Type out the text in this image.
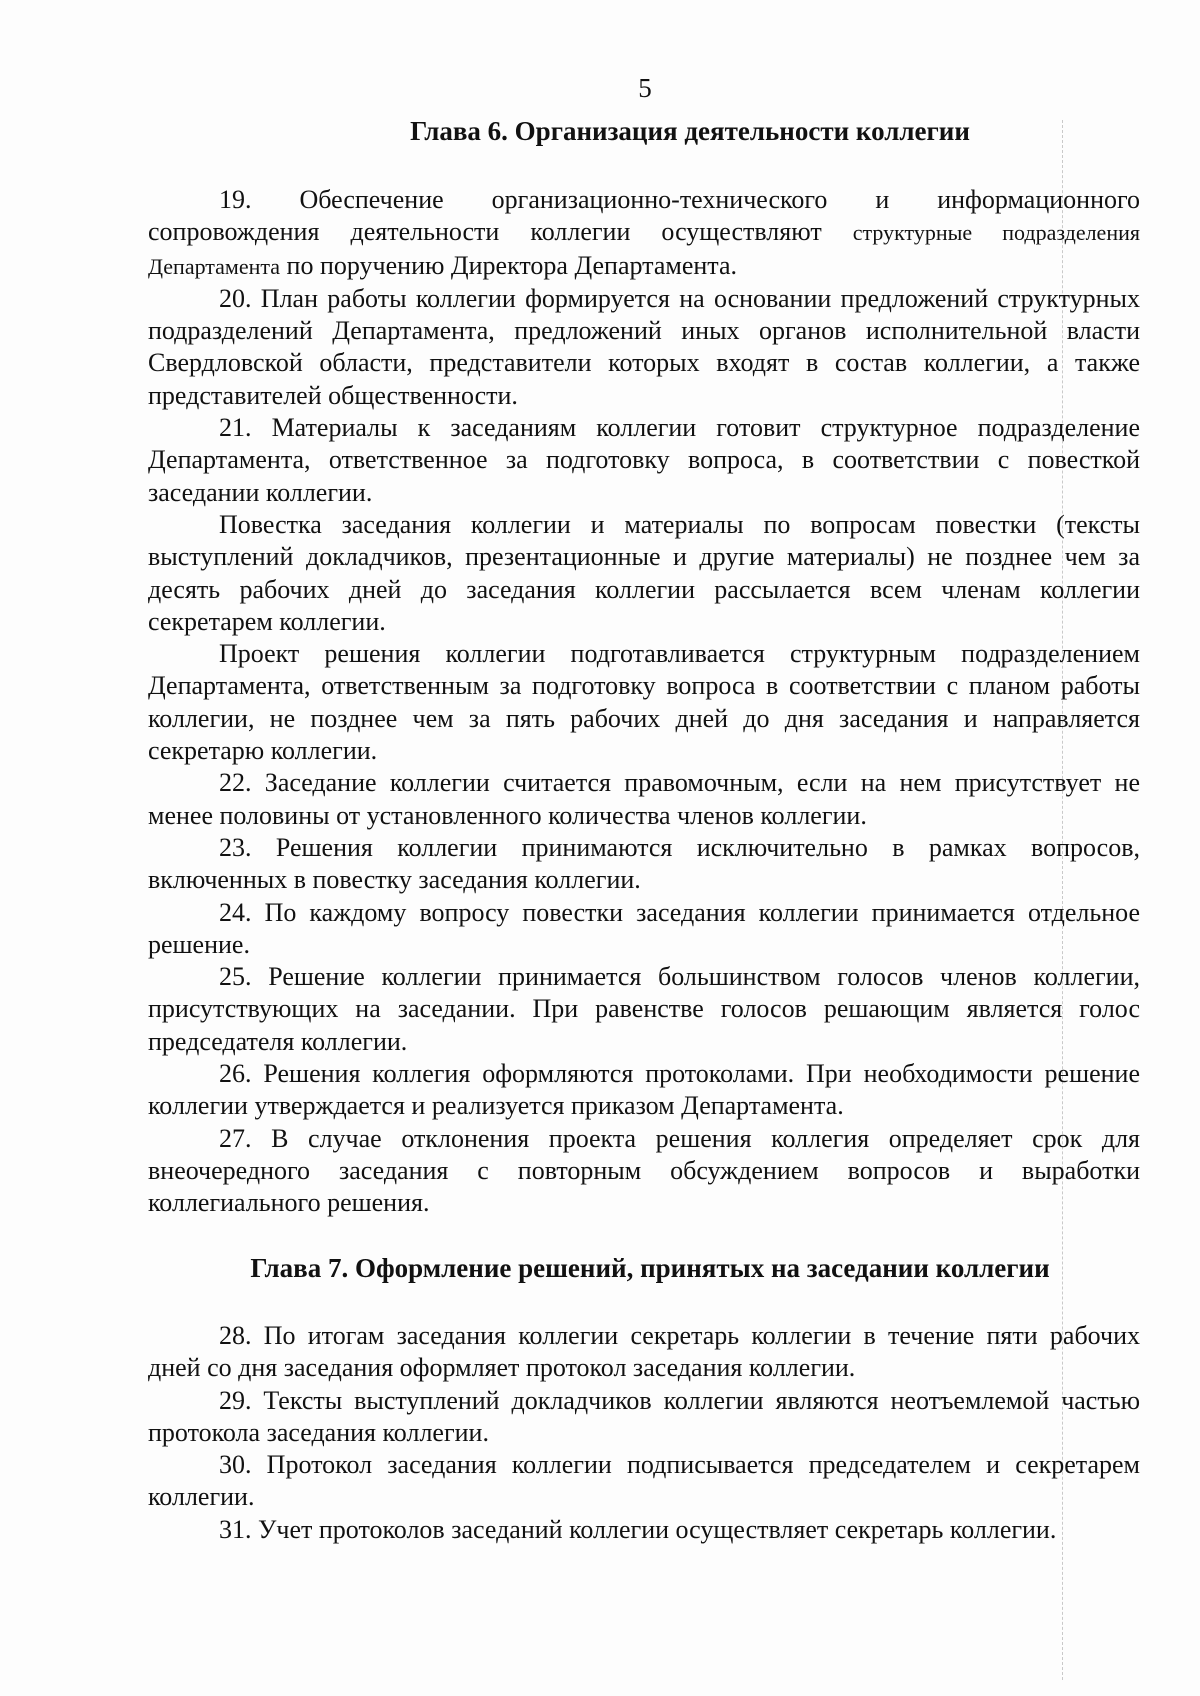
5
Глава 6. Организация деятельности коллегии

19. Обеспечение организационно-технического и информационного сопровождения деятельности коллегии осуществляют структурные подразделения Департамента по поручению Директора Департамента.

20. План работы коллегии формируется на основании предложений структурных подразделений Департамента, предложений иных органов исполнительной власти Свердловской области, представители которых входят в состав коллегии, а также представителей общественности.

21. Материалы к заседаниям коллегии готовит структурное подразделение Департамента, ответственное за подготовку вопроса, в соответствии с повесткой заседании коллегии.

Повестка заседания коллегии и материалы по вопросам повестки (тексты выступлений докладчиков, презентационные и другие материалы) не позднее чем за десять рабочих дней до заседания коллегии рассылается всем членам коллегии секретарем коллегии.

Проект решения коллегии подготавливается структурным подразделением Департамента, ответственным за подготовку вопроса в соответствии с планом работы коллегии, не позднее чем за пять рабочих дней до дня заседания и направляется секретарю коллегии.

22. Заседание коллегии считается правомочным, если на нем присутствует не менее половины от установленного количества членов коллегии.

23. Решения коллегии принимаются исключительно в рамках вопросов, включенных в повестку заседания коллегии.

24. По каждому вопросу повестки заседания коллегии принимается отдельное решение.

25. Решение коллегии принимается большинством голосов членов коллегии, присутствующих на заседании. При равенстве голосов решающим является голос председателя коллегии.

26. Решения коллегия оформляются протоколами. При необходимости решение коллегии утверждается и реализуется приказом Департамента.

27. В случае отклонения проекта решения коллегия определяет срок для внеочередного заседания с повторным обсуждением вопросов и выработки коллегиального решения.

Глава 7. Оформление решений, принятых на заседании коллегии

28. По итогам заседания коллегии секретарь коллегии в течение пяти рабочих дней со дня заседания оформляет протокол заседания коллегии.

29. Тексты выступлений докладчиков коллегии являются неотъемлемой частью протокола заседания коллегии.

30. Протокол заседания коллегии подписывается председателем и секретарем коллегии.

31. Учет протоколов заседаний коллегии осуществляет секретарь коллегии.
